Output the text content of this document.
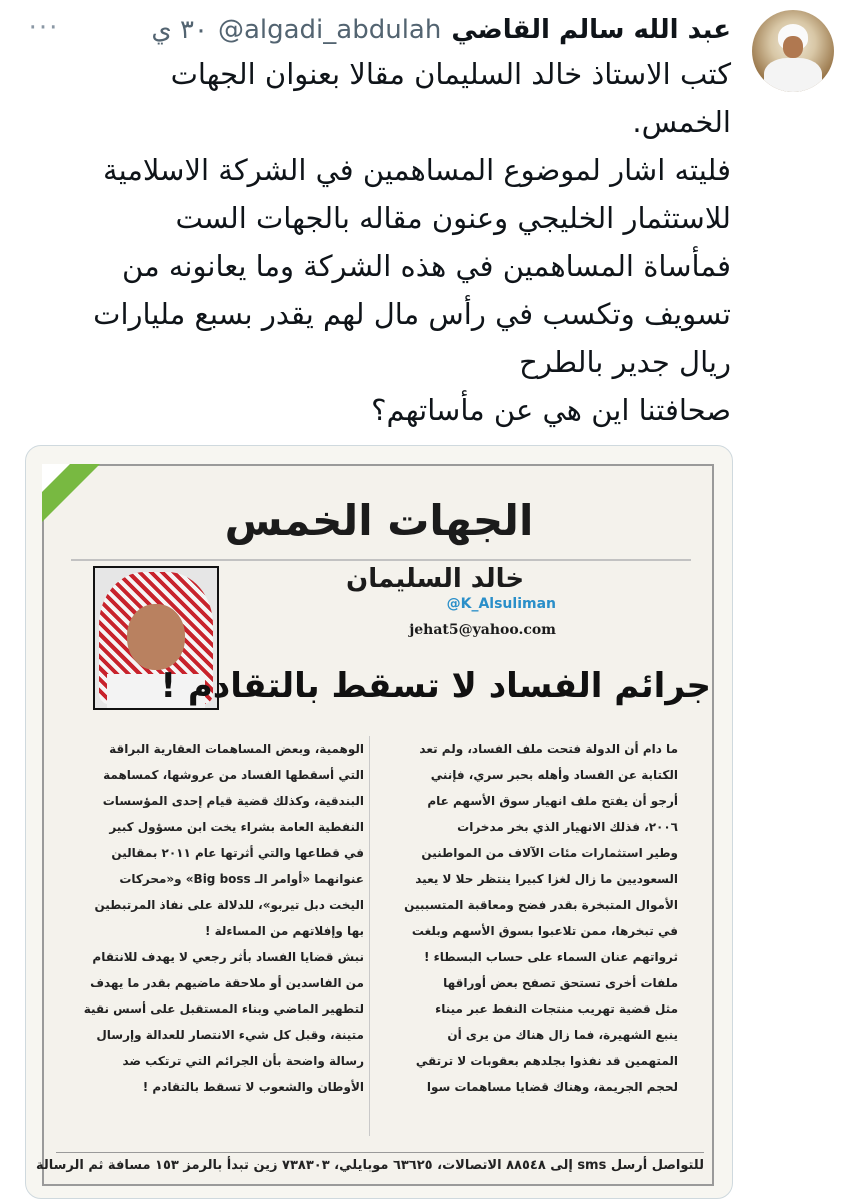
عبد الله سالم القاضي
@algadi_abdulah
٣٠ ي
···
كتب الاستاذ خالد السليمان مقالا بعنوان الجهات
الخمس.
فليته اشار لموضوع المساهمين في الشركة الاسلامية
للاستثمار الخليجي وعنون مقاله بالجهات الست
فمأساة المساهمين في هذه الشركة وما يعانونه من
تسويف وتكسب في رأس مال لهم يقدر بسبع مليارات
ريال جدير بالطرح
صحافتنا اين هي عن مأساتهم؟
الجهات الخمس
خالد السليمان
@K_Alsuliman
jehat5@yahoo.com
جرائم الفساد لا تسقط بالتقادم !
ما دام أن الدولة فتحت ملف الفساد، ولم تعد
الكتابة عن الفساد وأهله بحبر سري، فإنني
أرجو أن يفتح ملف انهيار سوق الأسهم عام
٢٠٠٦، فذلك الانهيار الذي بخر مدخرات
وطير استثمارات مئات الآلاف من المواطنين
السعوديين ما زال لغزا كبيرا ينتظر حلا لا يعيد
الأموال المتبخرة بقدر فضح ومعاقبة المتسببين
في تبخرها، ممن تلاعبوا بسوق الأسهم وبلغت
ثرواتهم عنان السماء على حساب البسطاء !
ملفات أخرى تستحق تصفح بعض أوراقها
مثل قضية تهريب منتجات النفط عبر ميناء
ينبع الشهيرة، فما زال هناك من يرى أن
المتهمين قد نفذوا بجلدهم بعقوبات لا ترتقي
لحجم الجريمة، وهناك قضايا مساهمات سوا
الوهمية، وبعض المساهمات العقارية البراقة
التي أسقطها الفساد من عروشها، كمساهمة
البندقية، وكذلك قضية قيام إحدى المؤسسات
النفطية العامة بشراء يخت ابن مسؤول كبير
في قطاعها والتي أثرتها عام ٢٠١١ بمقالين
عنوانهما «أوامر الـ Big boss» و«محركات
اليخت دبل تيربو»، للدلالة على نفاذ المرتبطين
بها وإفلاتهم من المساءلة !
نبش قضايا الفساد بأثر رجعي لا يهدف للانتقام
من الفاسدين أو ملاحقة ماضيهم بقدر ما يهدف
لتطهير الماضي وبناء المستقبل على أسس نقية
متينة، وقبل كل شيء الانتصار للعدالة وإرسال
رسالة واضحة بأن الجرائم التي ترتكب ضد
الأوطان والشعوب لا تسقط بالتقادم !
للتواصل أرسل sms إلى ٨٨٥٤٨ الاتصالات، ٦٣٦٢٥ موبايلي، ٧٣٨٣٠٣ زين تبدأ بالرمز ١٥٣ مسافة ثم الرسالة
